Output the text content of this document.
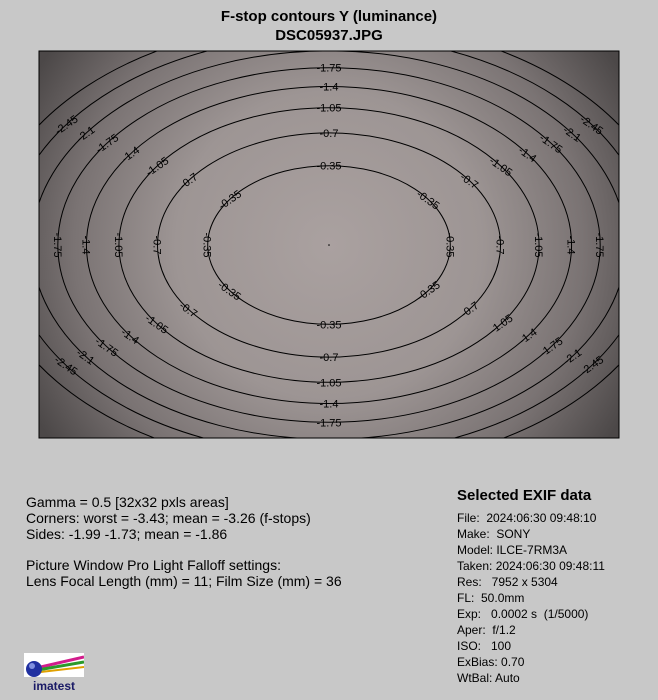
F-stop contours Y (luminance)
DSC05937.JPG
-0.35
-0.35
-0.35
-0.35
-0.35
-0.35
-0.35	-0.35
-0.7
-0.7
-0.7
-0.7
-0.7
-0.7
-0.7	-0.7
-1.05
-1.05
-1.05
-1.05
-1.05
-1.05
-1.05	-1.05
-1.4
-1.4
-1.4
-1.4
-1.4
-1.4
-1.4	-1.4
-1.75
-1.75
-1.75
-1.75
-1.75
-1.75
-1.75	-1.75
-2.1
-2.1
-2.1	-2.1
-2.45
-2.45
-2.45	-2.45
Gamma = 0.5 [32x32 pxls areas]
Corners: worst = -3.43; mean = -3.26 (f-stops)
Sides: -1.99 -1.73; mean = -1.86
Picture Window Pro Light Falloff settings:
Lens Focal Length (mm) = 11; Film Size (mm) = 36
Selected EXIF data
File:  2024:06:30 09:48:10
Make:  SONY
Model: ILCE-7RM3A
Taken: 2024:06:30 09:48:11
Res:   7952 x 5304
FL:  50.0mm
Exp:   0.0002 s  (1/5000)
Aper:  f/1.2
ISO:   100
ExBias: 0.70
WtBal: Auto
imatest
